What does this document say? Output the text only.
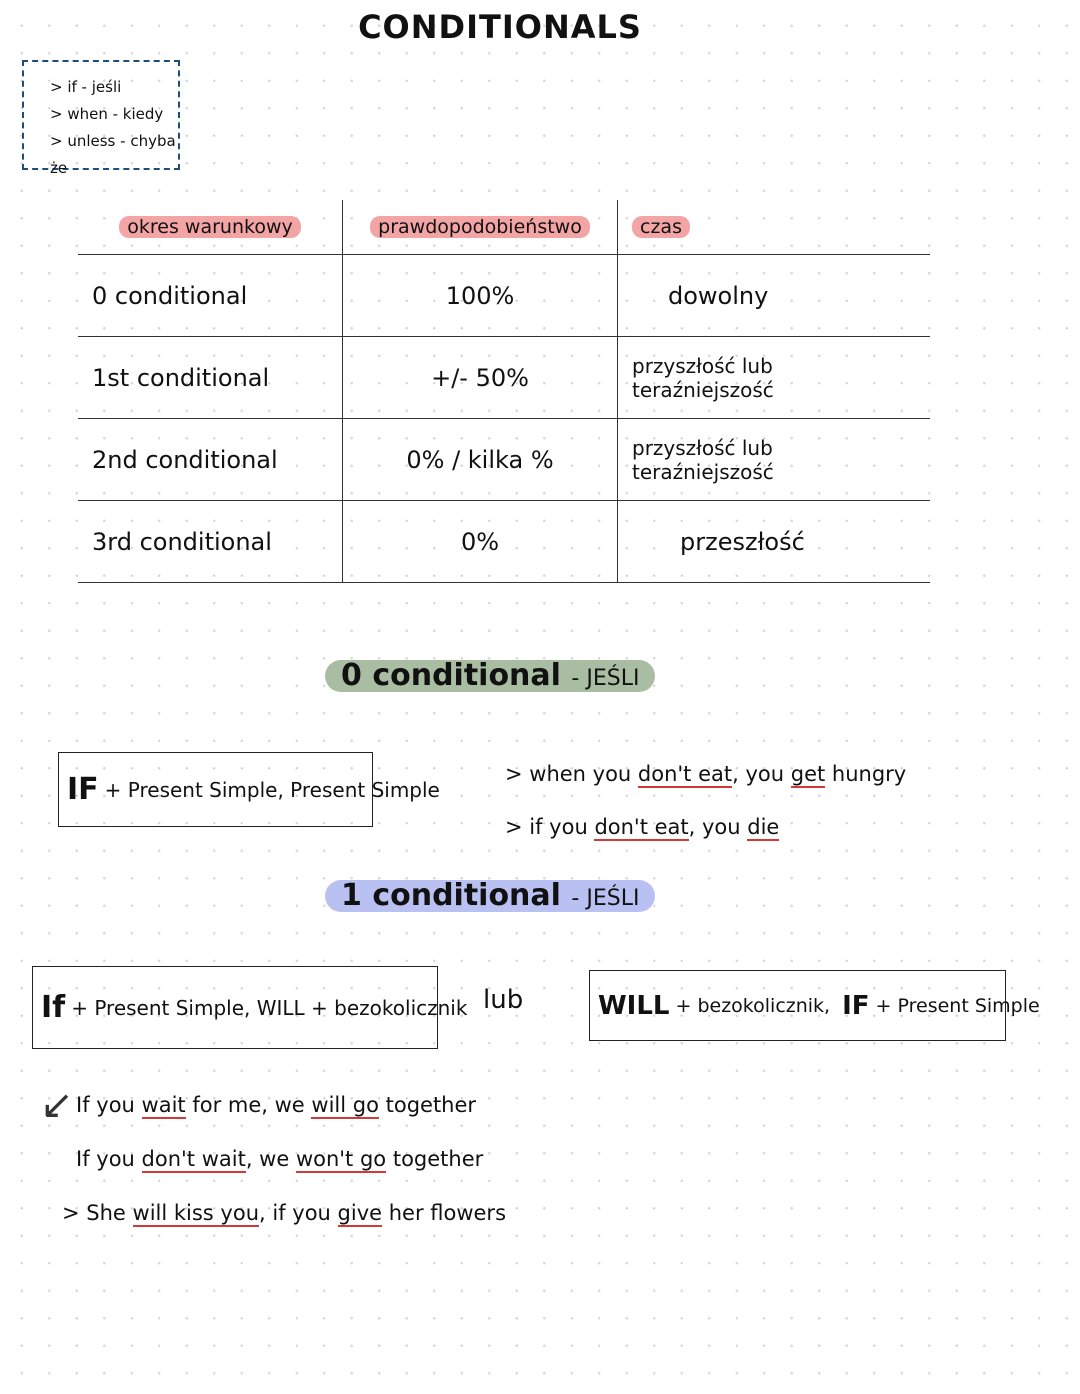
CONDITIONALS
> if - jeśli
> when - kiedy
> unless - chyba że
okres warunkowy	prawdopodobieństwo	czas
0 conditional	100%	dowolny
1st conditional	+/- 50%	przyszłość lub teraźniejszość
2nd conditional	0% / kilka %	przyszłość lub teraźniejszość
3rd conditional	0%	przeszłość
0 conditional - JEŚLI
IF + Present Simple, Present Simple
> when you don't eat, you get hungry
> if you don't eat, you die
1 conditional - JEŚLI
If + Present Simple, WILL + bezokolicznik lub	WILL + bezokolicznik, IF + Present Simple
↙ If you wait for me, we will go together
If you don't wait, we won't go together
> She will kiss you, if you give her flowers
